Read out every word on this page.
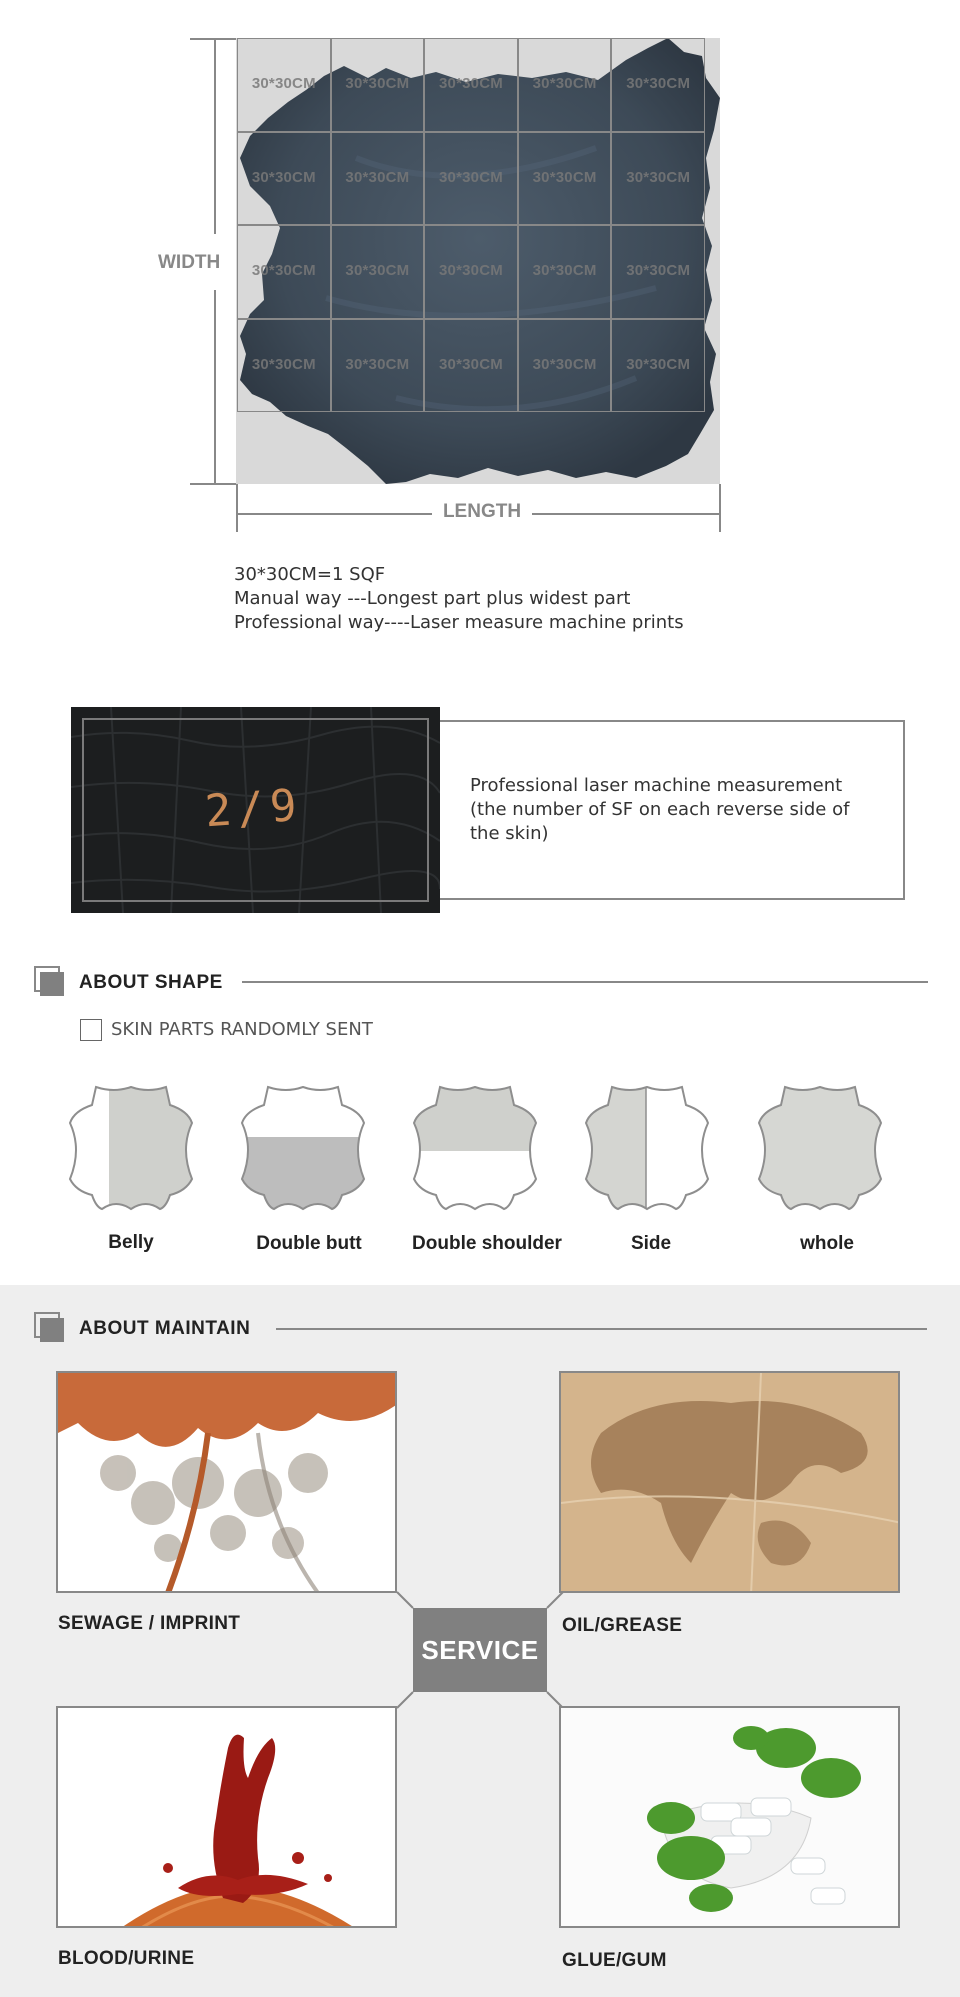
30*30CM 30*30CM 30*30CM 30*30CM 30*30CM
30*30CM 30*30CM 30*30CM 30*30CM 30*30CM
30*30CM 30*30CM 30*30CM 30*30CM 30*30CM
30*30CM 30*30CM 30*30CM 30*30CM 30*30CM
WIDTH
LENGTH
30*30CM=1 SQF
Manual way ---Longest part plus widest part
Professional way----Laser measure machine prints
2/9	Professional laser machine measurement (the number of SF on each reverse side of the skin)
ABOUT SHAPE
SKIN PARTS RANDOMLY SENT
Belly	Double butt	Double shoulder	Side	whole
ABOUT MAINTAIN
SEWAGE / IMPRINT	OIL/GREASE
SERVICE
BLOOD/URINE	GLUE/GUM
